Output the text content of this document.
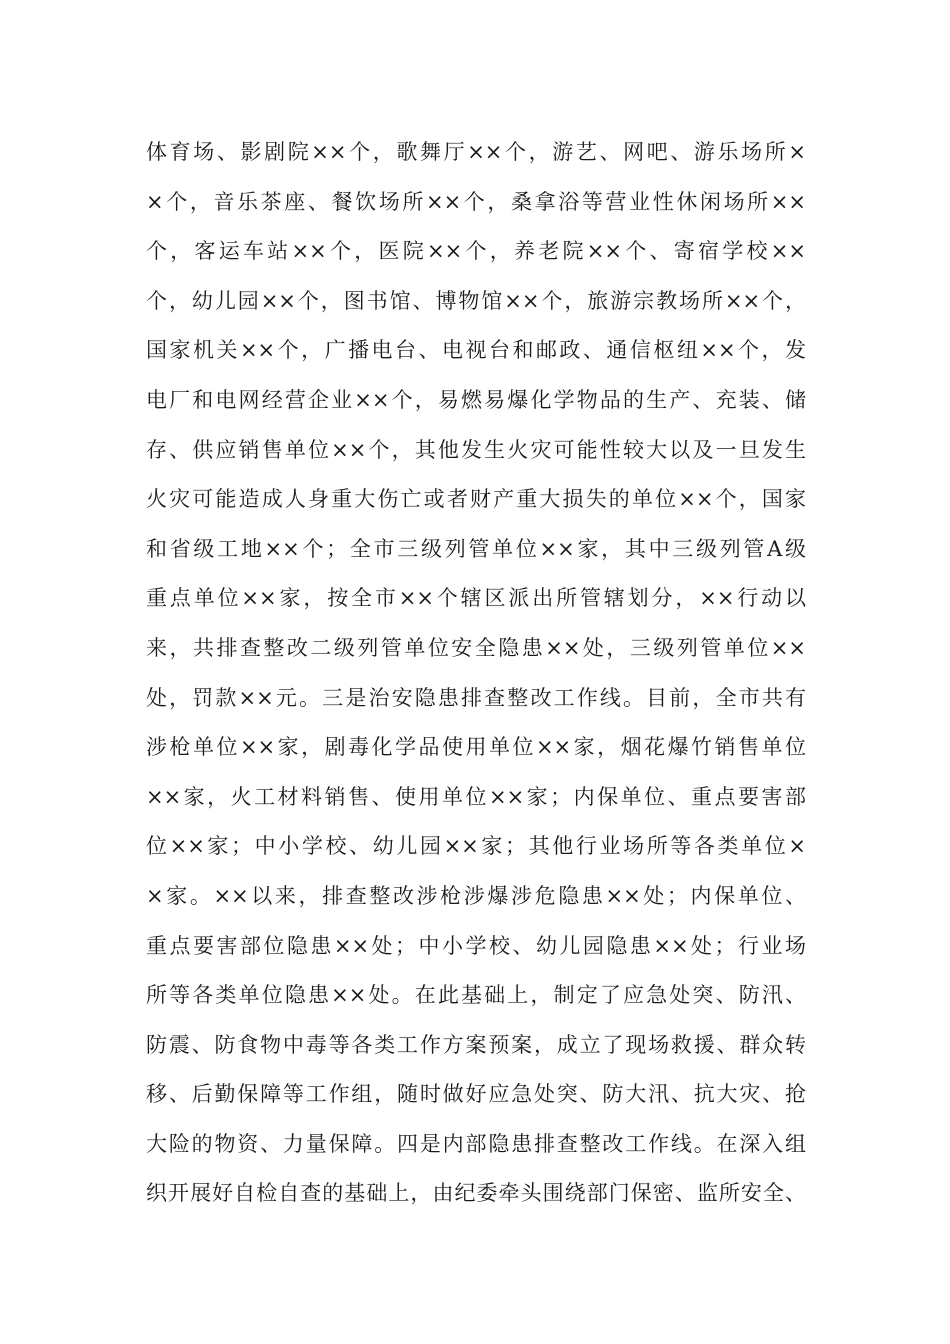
体育场、影剧院××个，歌舞厅××个，游艺、网吧、游乐场所×
×个，音乐茶座、餐饮场所××个，桑拿浴等营业性休闲场所××
个，客运车站××个，医院××个，养老院××个、寄宿学校××
个，幼儿园××个，图书馆、博物馆××个，旅游宗教场所××个，
国家机关××个，广播电台、电视台和邮政、通信枢纽××个，发
电厂和电网经营企业××个，易燃易爆化学物品的生产、充装、储
存、供应销售单位××个，其他发生火灾可能性较大以及一旦发生
火灾可能造成人身重大伤亡或者财产重大损失的单位××个，国家
和省级工地××个；全市三级列管单位××家，其中三级列管A级
重点单位××家，按全市××个辖区派出所管辖划分，××行动以
来，共排查整改二级列管单位安全隐患××处，三级列管单位××
处，罚款××元。三是治安隐患排查整改工作线。目前，全市共有
涉枪单位××家，剧毒化学品使用单位××家，烟花爆竹销售单位
××家，火工材料销售、使用单位××家；内保单位、重点要害部
位××家；中小学校、幼儿园××家；其他行业场所等各类单位×
×家。××以来，排查整改涉枪涉爆涉危隐患××处；内保单位、
重点要害部位隐患××处；中小学校、幼儿园隐患××处；行业场
所等各类单位隐患××处。在此基础上，制定了应急处突、防汛、
防震、防食物中毒等各类工作方案预案，成立了现场救援、群众转
移、后勤保障等工作组，随时做好应急处突、防大汛、抗大灾、抢
大险的物资、力量保障。四是内部隐患排查整改工作线。在深入组
织开展好自检自查的基础上，由纪委牵头围绕部门保密、监所安全、
